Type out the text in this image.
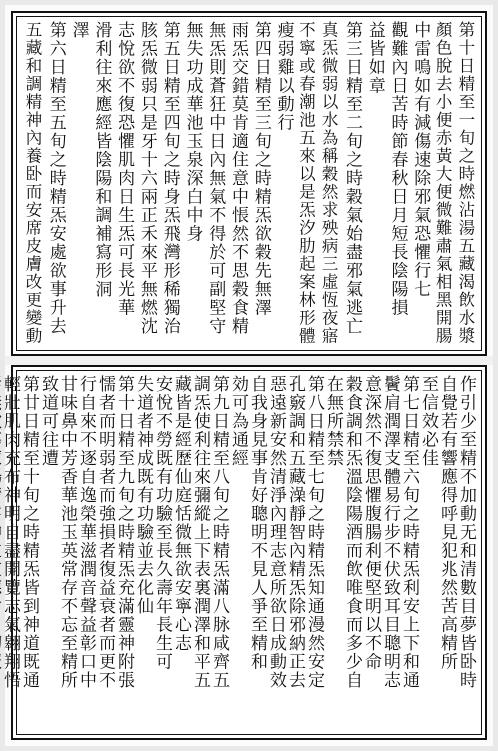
第十日精至一旬之時燃沾湯五藏渴飲水漿
顏色脫去小便赤黃大便微難肅氣相黑開腸
中雷鳴如有減傷速除邪氣恐懼行七
觀難內日苦時節春秋日月短長陰陽損
益皆如章
第三日精至二旬之時穀氣始盡邪氣逃亡
真炁微弱以水為稱穀然求殃病三虛恆夜寤
不寧或春潮池五來以是炁汐肋起案林形體
瘦弱雞以動行
第四日精至三旬之時精炁欲穀先無澤
雨炁交錯莫肯適住意中悵然不思穀食精
無炁則蒼狂中日內無氣不得於可副堅守
無失功成華池玉泉深白中身
第五日精至四旬之時身炁飛灣形稀獨治
胲炁微弱只是牙十六兩正禾來平無燃沈
志悅欲不復恐懼肌肉日生炁可長光華
滑利往來應經皆陰陽和調補寫形洞
澤
第六日精至五旬之時精炁安處欲事升去
五藏和調精神內養卧而安席皮膚改更變動
作引少至精不加動无和清數目夢皆卧時
自覺若有響應得呼見犯兆然苦高精所
至信效必佳
第七日精至六旬之時精炁利安上下和通
鬢肩潤澤支體易行步不伏致耳目聰明志
意深然不復思懼腹腸利便堅明以不命
穀食調和炁溫陰陽酒而飲唯食而多少自
在無所禁禁
第八日精至七旬之時精炁知通漫然安定
孔竅調和五藏澡靜智內精炁除邪納正去
惡遠新安然清淨內理志意所欲日成動效
自我身見事肯好聰明不見人爭至精和
効可為通經
第九日精至八旬之時精炁滿八脉咸齊五
調炁使利往來彌縱上下表裏潤澤和平五
藏皆是經歷仙庭恬微無欲安寧心志
安悅不勞既有功驗至長久壽年長生可
失道者神成既有功驗並去化仙
第十日精至九旬之時精炁充滿靈神附張
懦者而明弱者而強損者復益衰者而更不
行自來不逐自逸榮華滋潤音聲益彰口中
甘味鼻中芳香華池玉英常存不忘至精所
致道可往遭
第廿日精至十旬之時精炁皆到神道既通
輕壯肌肉充布神明自盡開覽志氣翱翔悟
